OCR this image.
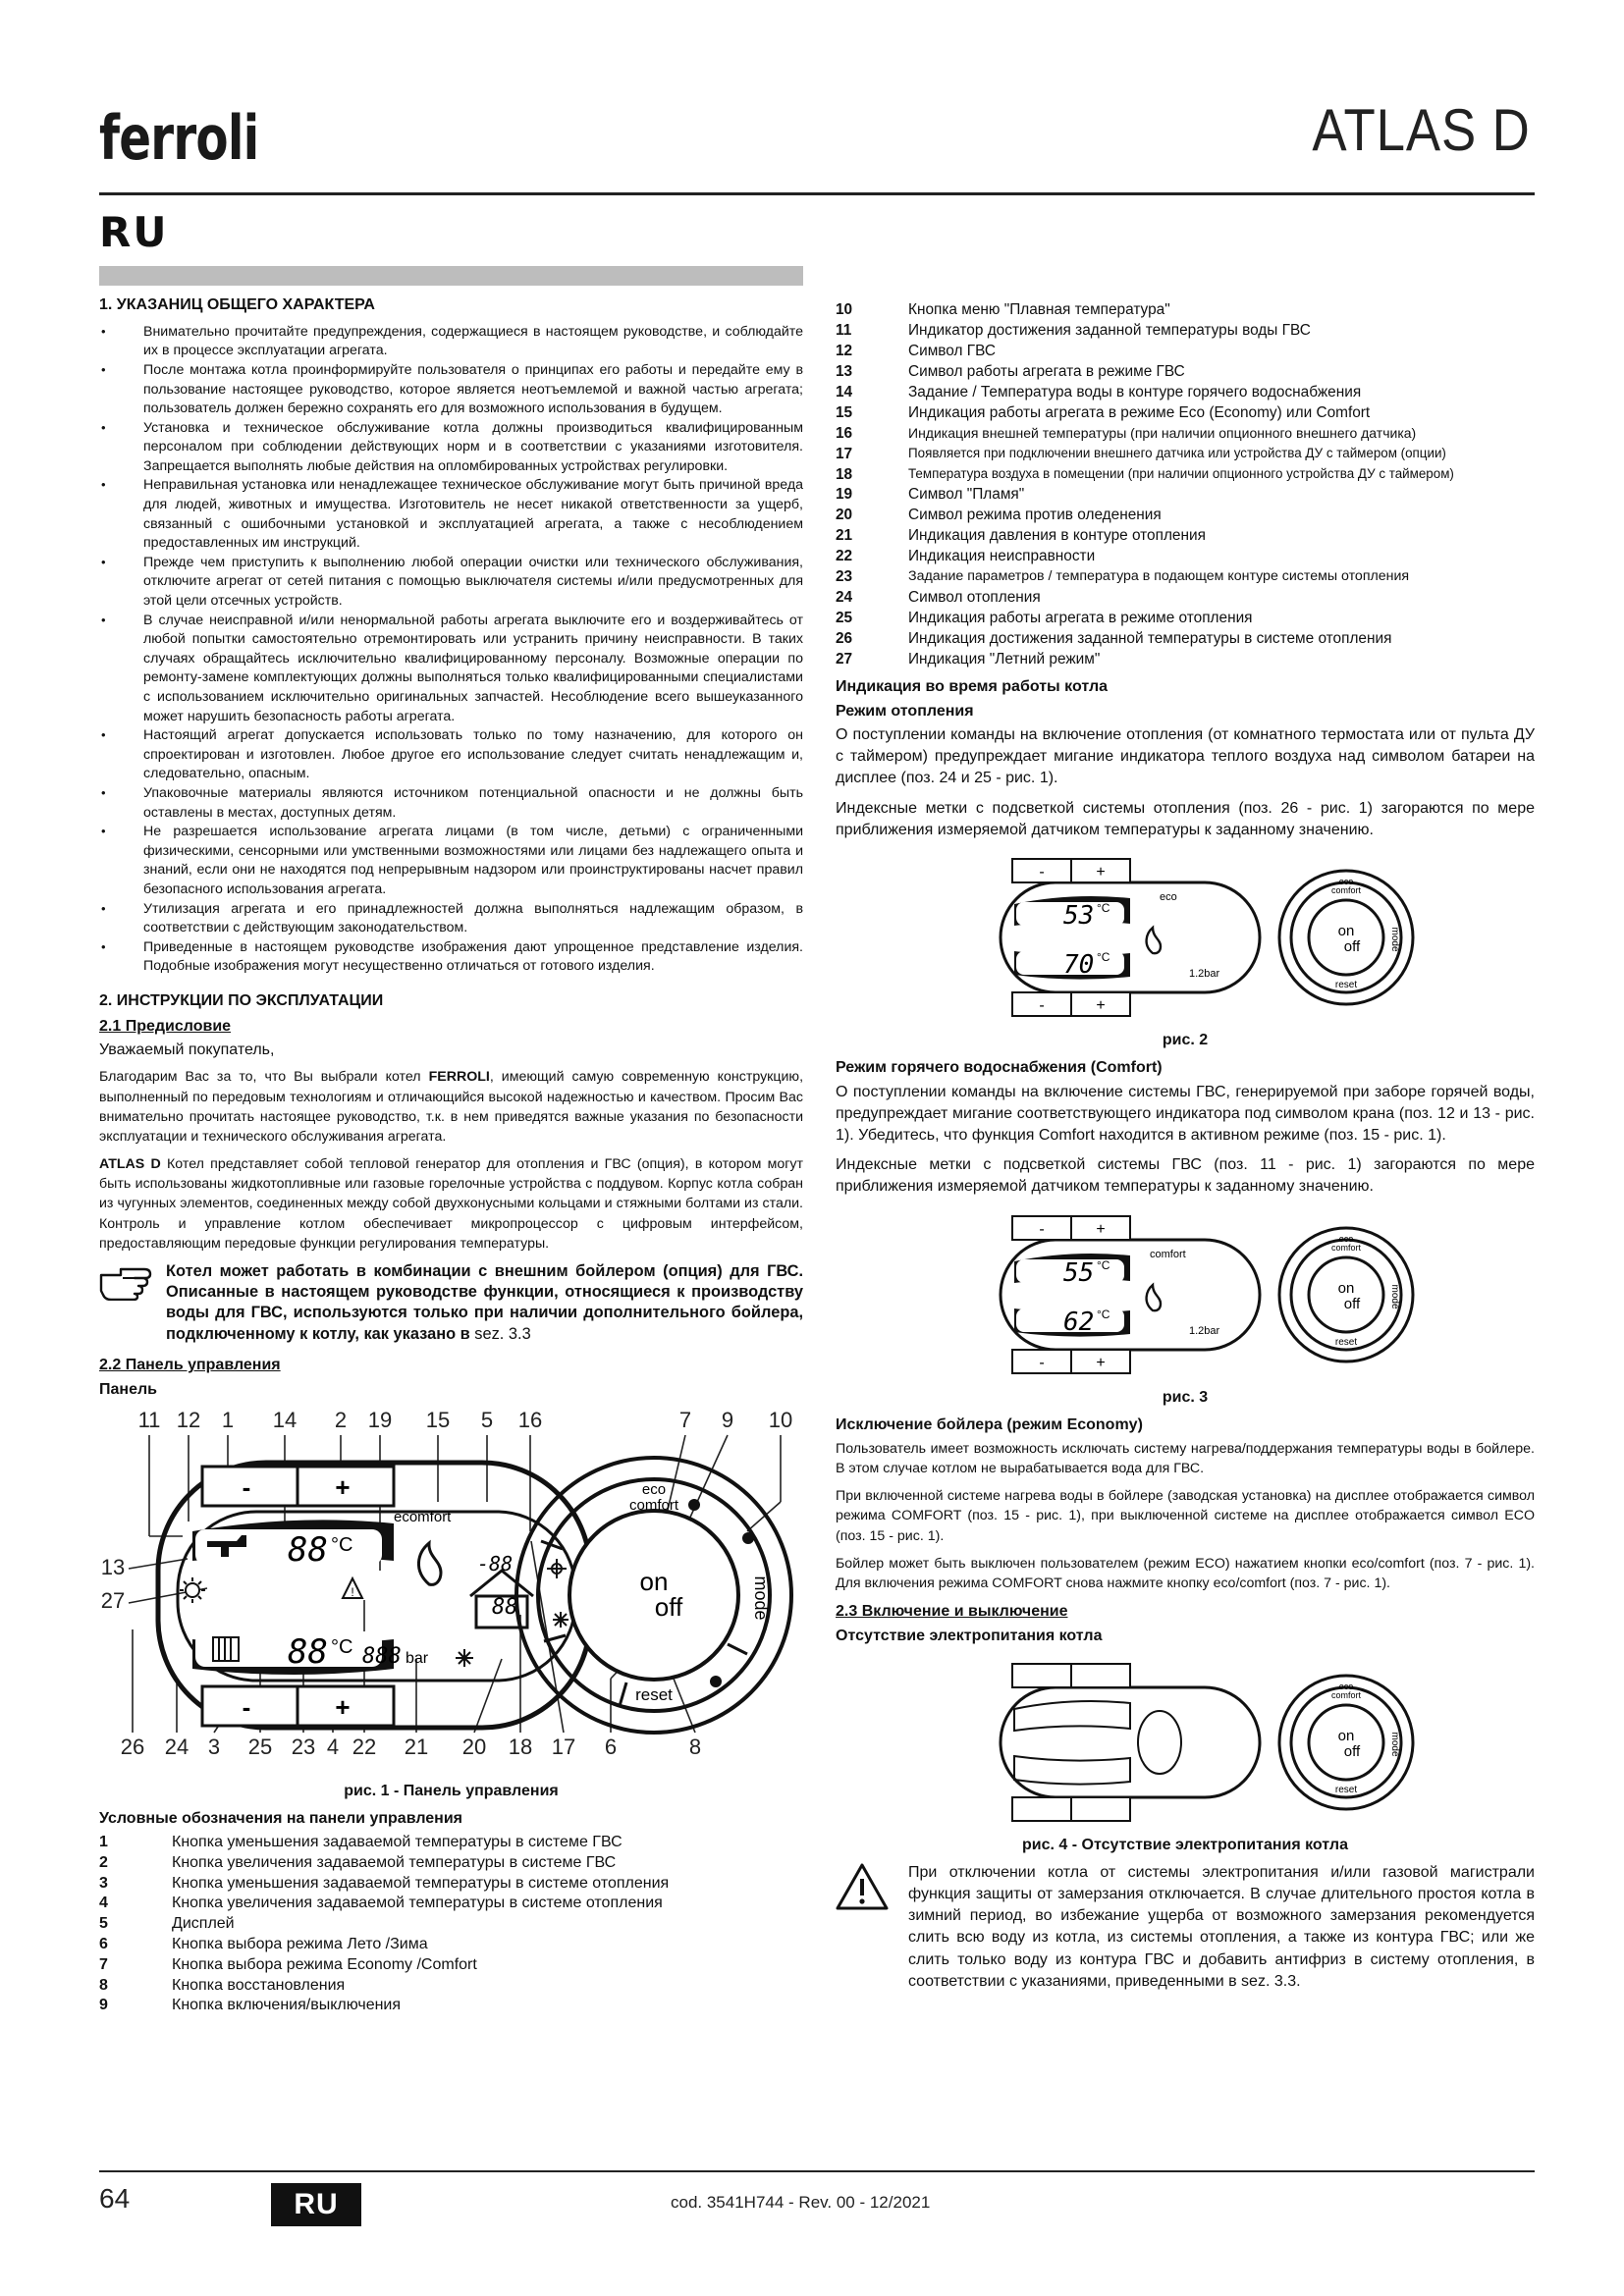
ferroli	ATLAS D
RU
1. УКАЗАНИЦ ОБЩЕГО ХАРАКТЕРА
• Внимательно прочитайте предупреждения, содержащиеся в настоящем руководстве, и соблюдайте их в процессе эксплуатации агрегата.
• После монтажа котла проинформируйте пользователя о принципах его работы и передайте ему в пользование настоящее руководство, которое является неотъемлемой и важной частью агрегата; пользователь должен бережно сохранять его для возможного использования в будущем.
• Установка и техническое обслуживание котла должны производиться квалифицированным персоналом при соблюдении действующих норм и в соответствии с указаниями изготовителя. Запрещается выполнять любые действия на опломбированных устройствах регулировки.
• Неправильная установка или ненадлежащее техническое обслуживание могут быть причиной вреда для людей, животных и имущества. Изготовитель не несет никакой ответственности за ущерб, связанный с ошибочными установкой и эксплуатацией агрегата, а также с несоблюдением предоставленных им инструкций.
• Прежде чем приступить к выполнению любой операции очистки или технического обслуживания, отключите агрегат от сетей питания с помощью выключателя системы и/или предусмотренных для этой цели отсечных устройств.
• В случае неисправной и/или ненормальной работы агрегата выключите его и воздерживайтесь от любой попытки самостоятельно отремонтировать или устранить причину неисправности. В таких случаях обращайтесь исключительно квалифицированному персоналу. Возможные операции по ремонту-замене комплектующих должны выполняться только квалифицированными специалистами с использованием исключительно оригинальных запчастей. Несоблюдение всего вышеуказанного может нарушить безопасность работы агрегата.
• Настоящий агрегат допускается использовать только по тому назначению, для которого он спроектирован и изготовлен. Любое другое его использование следует считать ненадлежащим и, следовательно, опасным.
• Упаковочные материалы являются источником потенциальной опасности и не должны быть оставлены в местах, доступных детям.
• Не разрешается использование агрегата лицами (в том числе, детьми) с ограниченными физическими, сенсорными или умственными возможностями или лицами без надлежащего опыта и знаний, если они не находятся под непрерывным надзором или проинструктированы насчет правил безопасного использования агрегата.
• Утилизация агрегата и его принадлежностей должна выполняться надлежащим образом, в соответствии с действующим законодательством.
• Приведенные в настоящем руководстве изображения дают упрощенное представление изделия. Подобные изображения могут несущественно отличаться от готового изделия.
2. ИНСТРУКЦИИ ПО ЭКСПЛУАТАЦИИ
2.1 Предисловие
Уважаемый покупатель,
Благодарим Вас за то, что Вы выбрали котел FERROLI, имеющий самую современную конструкцию, выполненный по передовым технологиям и отличающийся высокой надежностью и качеством. Просим Вас внимательно прочитать настоящее руководство, т.к. в нем приведятся важные указания по безопасности эксплуатации и технического обслуживания агрегата.
ATLAS D Котел представляет собой тепловой генератор для отопления и ГВС (опция), в котором могут быть использованы жидкотопливные или газовые горелочные устройства с поддувом. Корпус котла собран из чугунных элементов, соединенных между собой двухконусными кольцами и стяжными болтами из стали. Контроль и управление котлом обеспечивает микропроцессор с цифровым интерфейсом, предоставляющим передовые функции регулирования температуры.
Котел может работать в комбинации с внешним бойлером (опция) для ГВС. Описанные в настоящем руководстве функции, относящиеся к производству воды для ГВС, используются только при наличии дополнительного бойлера, подключенному к котлу, как указано в sez. 3.3
2.2 Панель управления
Панель
11 12 1 14 2 19 15 5 16	7 9 10
13
27
26 24 3 25 23 4 22 21 20 18 17 6	8
-	+
-	+
88 °C
88 °C 888 bar
ecomfort
-88
88
!	on
off
eco
comfort
mode
reset
рис. 1 - Панель управления
Условные обозначения на панели управления
1	Кнопка уменьшения задаваемой температуры в системе ГВС
2	Кнопка увеличения задаваемой температуры в системе ГВС
3	Кнопка уменьшения задаваемой температуры в системе отопления
4	Кнопка увеличения задаваемой температуры в системе отопления
5	Дисплей
6	Кнопка выбора режима Лето /Зима
7	Кнопка выбора режима Economy /Comfort
8	Кнопка восстановления
9	Кнопка включения/выключения
10	Кнопка меню "Плавная температура"
11	Индикатор достижения заданной температуры воды ГВС
12	Символ ГВС
13	Символ работы агрегата в режиме ГВС
14	Задание / Температура воды в контуре горячего водоснабжения
15	Индикация работы агрегата в режиме Eco (Economy) или Comfort
16	Индикация внешней температуры (при наличии опционного внешнего датчика)
17	Появляется при подключении внешнего датчика или устройства ДУ с таймером (опции)
18	Температура воздуха в помещении (при наличии опционного устройства ДУ с таймером)
19	Символ "Пламя"
20	Символ режима против оледенения
21	Индикация давления в контуре отопления
22	Индикация неисправности
23	Задание параметров / температура в подающем контуре системы отопления
24	Символ отопления
25	Индикация работы агрегата в режиме отопления
26	Индикация достижения заданной температуры в системе отопления
27	Индикация "Летний режим"
Индикация во время работы котла
Режим отопления
О поступлении команды на включение отопления (от комнатного термостата или от пульта ДУ с таймером) предупреждает мигание индикатора теплого воздуха над символом батареи на дисплее (поз. 24 и 25 - рис. 1).
Индексные метки с подсветкой системы отопления (поз. 26 - рис. 1) загораются по мере приближения измеряемой датчиком температуры к заданному значению.
-	+
-	+
53 °C
70 °C
eco
1.2bar
on
off
eco
comfort
mode
reset
рис. 2
Режим горячего водоснабжения (Comfort)
О поступлении команды на включение системы ГВС, генерируемой при заборе горячей воды, предупреждает мигание соответствующего индикатора под символом крана (поз. 12 и 13 - рис. 1). Убедитесь, что функция Comfort находится в активном режиме (поз. 15 - рис. 1).
Индексные метки с подсветкой системы ГВС (поз. 11 - рис. 1) загораются по мере приближения измеряемой датчиком температуры к заданному значению.
-	+
-	+
55 °C
62 °C
comfort
1.2bar
on
off
eco
comfort
mode
reset
рис. 3
Исключение бойлера (режим Economy)
Пользователь имеет возможность исключать систему нагрева/поддержания температуры воды в бойлере. В этом случае котлом не вырабатывается вода для ГВС.
При включенной системе нагрева воды в бойлере (заводская установка) на дисплее отображается символ режима COMFORT (поз. 15 - рис. 1), при выключенной системе на дисплее отображается символ ECO (поз. 15 - рис. 1).
Бойлер может быть выключен пользователем (режим ECO) нажатием кнопки eco/comfort (поз. 7 - рис. 1). Для включения режима COMFORT снова нажмите кнопку eco/comfort (поз. 7 - рис. 1).
2.3 Включение и выключение
Отсутствие электропитания котла
on
off
eco
comfort
mode
reset
рис. 4 - Отсутствие электропитания котла
При отключении котла от системы электропитания и/или газовой магистрали функция защиты от замерзания отключается. В случае длительного простоя котла в зимний период, во избежание ущерба от возможного замерзания рекомендуется слить всю воду из котла, из системы отопления, а также из контура ГВС; или же слить только воду из контура ГВС и добавить антифриз в систему отопления, в соответствии с указаниями, приведенными в sez. 3.3.
64	RU	cod. 3541H744 - Rev. 00 - 12/2021
